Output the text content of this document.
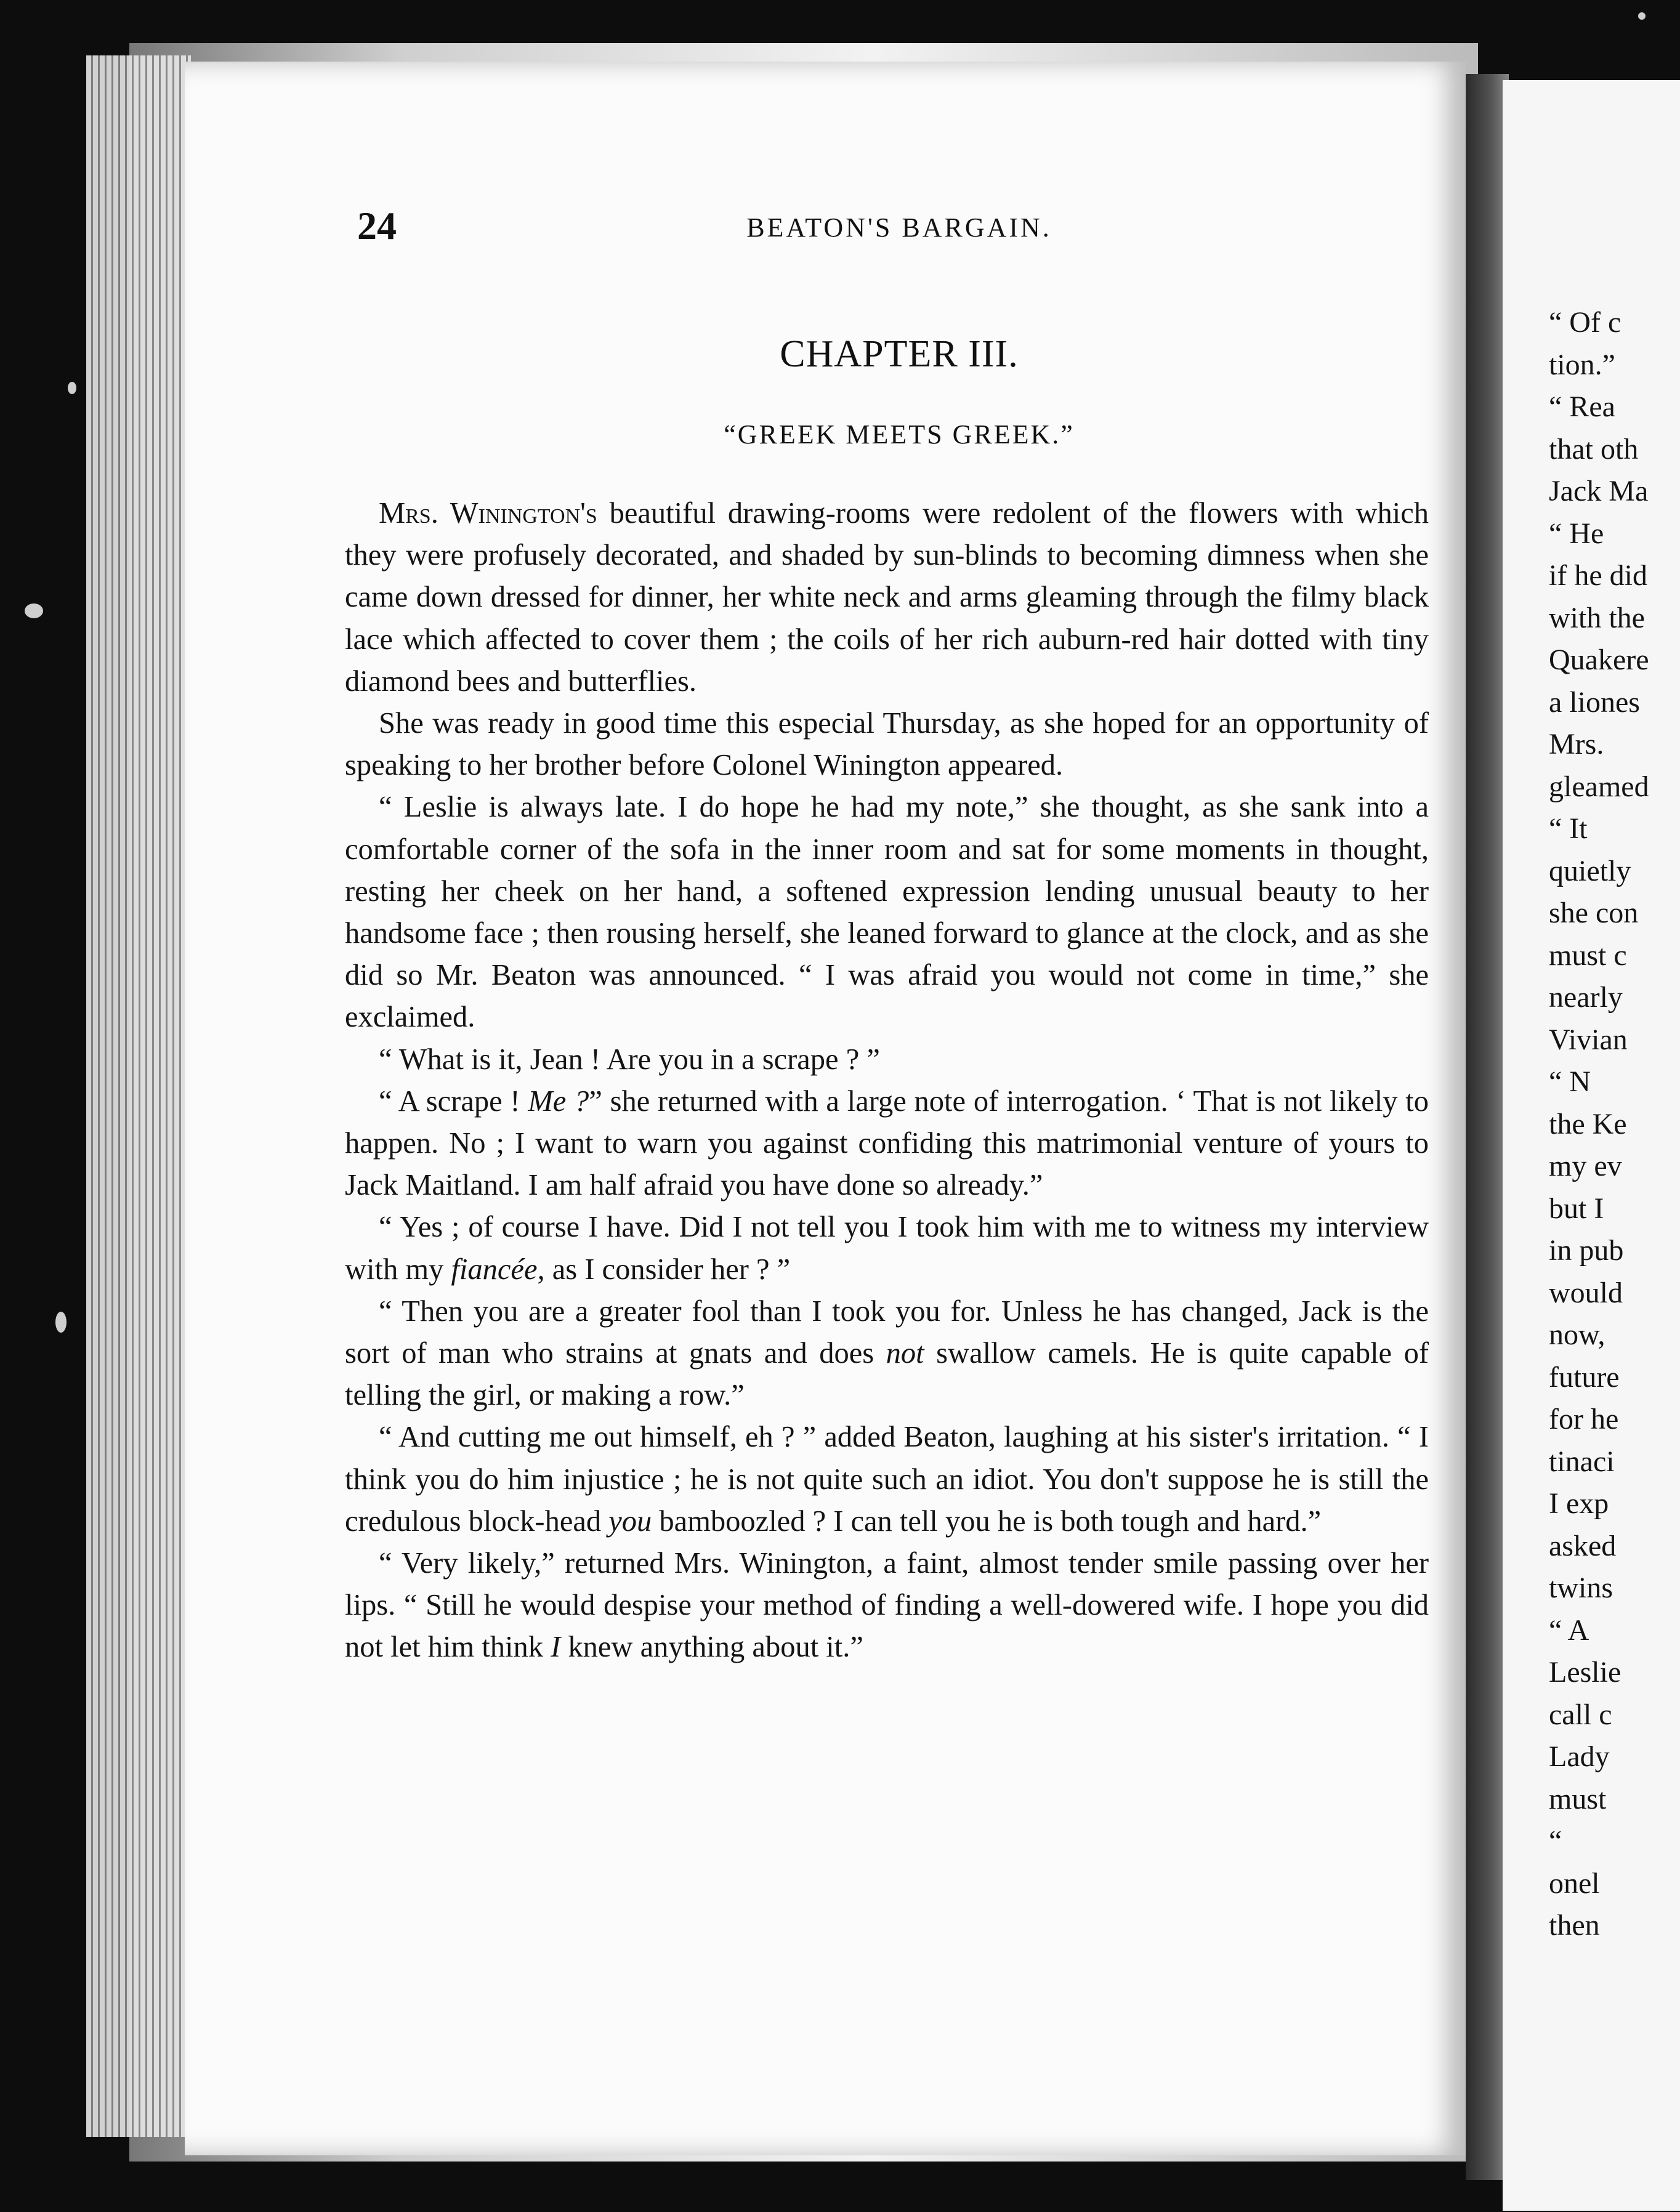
24	BEATON'S BARGAIN.
CHAPTER III.
“GREEK MEETS GREEK.”

Mrs. Winington's beautiful drawing-rooms were redolent of the flowers with which they were profusely decorated, and shaded by sun-blinds to becoming dimness when she came down dressed for dinner, her white neck and arms gleaming through the filmy black lace which affected to cover them ; the coils of her rich auburn-red hair dotted with tiny diamond bees and butterflies.

She was ready in good time this especial Thursday, as she hoped for an opportunity of speaking to her brother before Colonel Winington appeared.

“ Leslie is always late. I do hope he had my note,” she thought, as she sank into a comfortable corner of the sofa in the inner room and sat for some moments in thought, resting her cheek on her hand, a softened expression lending unusual beauty to her handsome face ; then rousing herself, she leaned forward to glance at the clock, and as she did so Mr. Beaton was announced. “ I was afraid you would not come in time,” she exclaimed.

“ What is it, Jean ! Are you in a scrape ? ”

“ A scrape ! Me ?” she returned with a large note of interrogation. ‘ That is not likely to happen. No ; I want to warn you against confiding this matrimonial venture of yours to Jack Maitland. I am half afraid you have done so already.”

“ Yes ; of course I have. Did I not tell you I took him with me to witness my interview with my fiancée, as I consider her ? ”

“ Then you are a greater fool than I took you for. Unless he has changed, Jack is the sort of man who strains at gnats and does not swallow camels. He is quite capable of telling the girl, or making a row.”

“ And cutting me out himself, eh ? ” added Beaton, laughing at his sister's irritation. “ I think you do him injustice ; he is not quite such an idiot. You don't suppose he is still the credulous block-head you bamboozled ? I can tell you he is both tough and hard.”

“ Very likely,” returned Mrs. Winington, a faint, almost tender smile passing over her lips. “ Still he would despise your method of finding a well-dowered wife. I hope you did not let him think I knew anything about it.”

“ Of c
tion.”
“ Rea
that oth
Jack Ma
“ He
if he did
with the
Quakere
a liones
Mrs.
gleamed
“ It
quietly
she con
must c
nearly
Vivian
“ N
the Ke
my ev
but I
in pub
would
now,
future
for he
tinaci
I exp
asked
twins
“ A
Leslie
call c
Lady
must
“
onel
then
